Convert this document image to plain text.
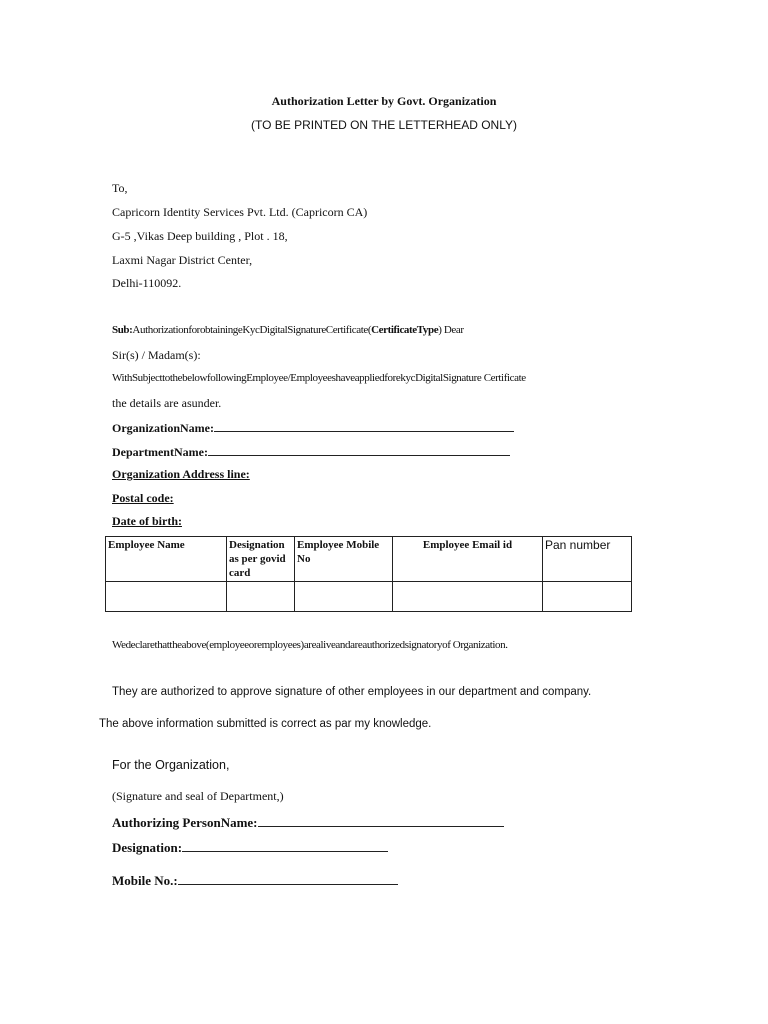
Authorization Letter by Govt. Organization
(TO BE PRINTED ON THE LETTERHEAD ONLY)
To,
Capricorn Identity Services Pvt. Ltd. (Capricorn CA)
G-5 ,Vikas Deep building , Plot . 18,
Laxmi Nagar District Center,
Delhi-110092.
Sub:AuthorizationforobtainingeKycDigitalSignatureCertificate(CertificateType) Dear
Sir(s) / Madam(s):
WithSubjecttothebelowfollowingEmployee/EmployeeshaveappliedforekycDigitalSignature Certificate
the details are asunder.
OrganizationName:
DepartmentName:
Organization Address line:
Postal code:
Date of birth:
Employee Name	Designation as per govid card	Employee Mobile No	Employee Email id	Pan number

Wedeclarethattheabove(employeeoremployees)arealiveandareauthorizedsignatoryof Organization.
They are authorized to approve signature of other employees in our department and company.
The above information submitted is correct as par my knowledge.
For the Organization,
(Signature and seal of Department,)
Authorizing PersonName:
Designation:
Mobile No.:
